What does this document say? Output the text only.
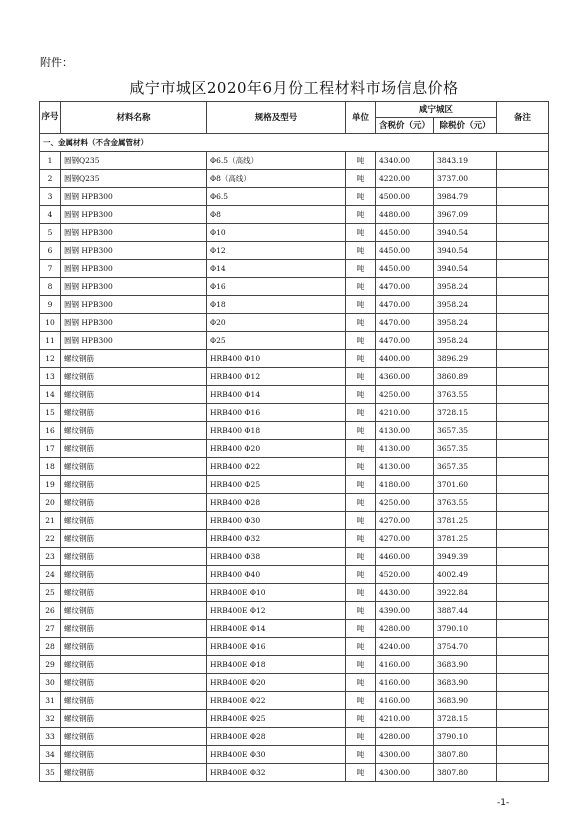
附件：
咸宁市城区2020年6月份工程材料市场信息价格
序号	材料名称	规格及型号	单位	咸宁城区		备注
				含税价（元）	除税价（元）	
一、金属材料（不含金属管材）						
1	圆钢Q235	Φ6.5（高线）	吨	4340.00	3843.19	
2	圆钢Q235	Φ8（高线）	吨	4220.00	3737.00	
3	圆钢 HPB300	Φ6.5	吨	4500.00	3984.79	
4	圆钢 HPB300	Φ8	吨	4480.00	3967.09	
5	圆钢 HPB300	Φ10	吨	4450.00	3940.54	
6	圆钢 HPB300	Φ12	吨	4450.00	3940.54	
7	圆钢 HPB300	Φ14	吨	4450.00	3940.54	
8	圆钢 HPB300	Φ16	吨	4470.00	3958.24	
9	圆钢 HPB300	Φ18	吨	4470.00	3958.24	
10	圆钢 HPB300	Φ20	吨	4470.00	3958.24	
11	圆钢 HPB300	Φ25	吨	4470.00	3958.24	
12	螺纹钢筋	HRB400 Φ10	吨	4400.00	3896.29	
13	螺纹钢筋	HRB400 Φ12	吨	4360.00	3860.89	
14	螺纹钢筋	HRB400 Φ14	吨	4250.00	3763.55	
15	螺纹钢筋	HRB400 Φ16	吨	4210.00	3728.15	
16	螺纹钢筋	HRB400 Φ18	吨	4130.00	3657.35	
17	螺纹钢筋	HRB400 Φ20	吨	4130.00	3657.35	
18	螺纹钢筋	HRB400 Φ22	吨	4130.00	3657.35	
19	螺纹钢筋	HRB400 Φ25	吨	4180.00	3701.60	
20	螺纹钢筋	HRB400 Φ28	吨	4250.00	3763.55	
21	螺纹钢筋	HRB400 Φ30	吨	4270.00	3781.25	
22	螺纹钢筋	HRB400 Φ32	吨	4270.00	3781.25	
23	螺纹钢筋	HRB400 Φ38	吨	4460.00	3949.39	
24	螺纹钢筋	HRB400 Φ40	吨	4520.00	4002.49	
25	螺纹钢筋	HRB400E Φ10	吨	4430.00	3922.84	
26	螺纹钢筋	HRB400E Φ12	吨	4390.00	3887.44	
27	螺纹钢筋	HRB400E Φ14	吨	4280.00	3790.10	
28	螺纹钢筋	HRB400E Φ16	吨	4240.00	3754.70	
29	螺纹钢筋	HRB400E Φ18	吨	4160.00	3683.90	
30	螺纹钢筋	HRB400E Φ20	吨	4160.00	3683.90	
31	螺纹钢筋	HRB400E Φ22	吨	4160.00	3683.90	
32	螺纹钢筋	HRB400E Φ25	吨	4210.00	3728.15	
33	螺纹钢筋	HRB400E Φ28	吨	4280.00	3790.10	
34	螺纹钢筋	HRB400E Φ30	吨	4300.00	3807.80	
35	螺纹钢筋	HRB400E Φ32	吨	4300.00	3807.80	
-1-
